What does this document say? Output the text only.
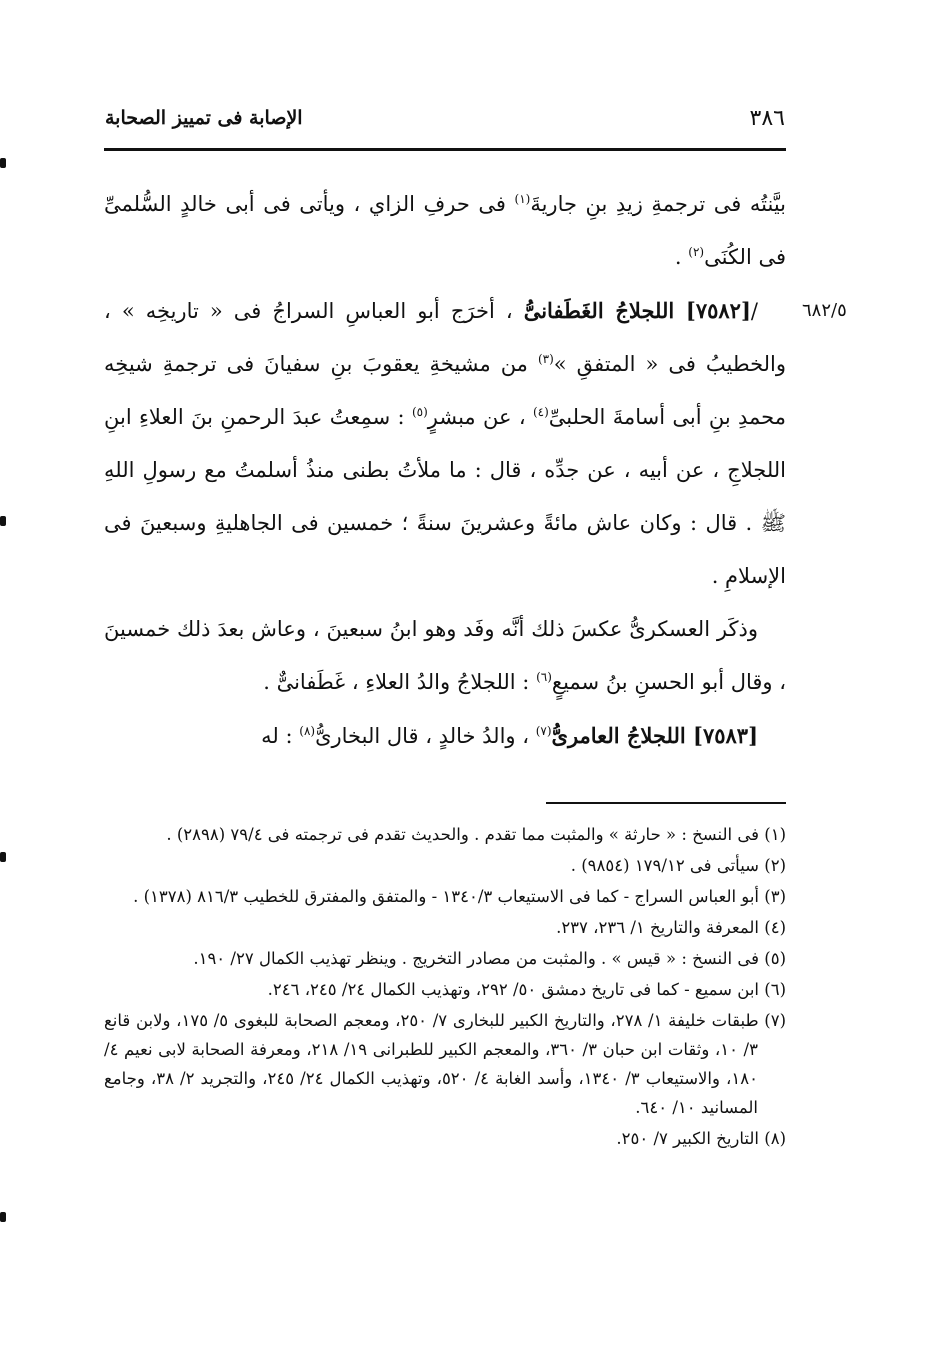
٣٨٦
الإصابة فى تمييز الصحابة
٦٨٢/٥

بيَّنتُه فى ترجمةِ زيدِ بنِ جاريةَ$^{(١)}$ فى حرفِ الزاي ، ويأتى فى أبى خالدٍ السُّلمىِّ فى الكُنَى$^{(٢)}$ .

/[٧٥٨٢] اللجلاجُ الغَطَفانىُّ ، أخرَج أبو العباسِ السراجُ فى « تاريخِه » ، والخطيبُ فى « المتفقِ »$^{(٣)}$ من مشيخةِ يعقوبَ بنِ سفيانَ فى ترجمةِ شيخِه محمدِ بنِ أبى أسامةَ الحلبىِّ$^{(٤)}$ ، عن مبشرٍ$^{(٥)}$ : سمِعتُ عبدَ الرحمنِ بنَ العلاءِ ابنِ اللجلاجِ ، عن أبيه ، عن جدِّه ، قال : ما ملأتُ بطنى منذُ أسلمتُ مع رسولِ اللهِ ﷺ . قال : وكان عاش مائةً وعشرينَ سنةً ؛ خمسين فى الجاهليةِ وسبعينَ فى الإسلامِ .

وذكَر العسكرىُّ عكسَ ذلك أنَّه وفَد وهو ابنُ سبعينَ ، وعاش بعدَ ذلك خمسينَ ، وقال أبو الحسنِ بنُ سميعٍ$^{(٦)}$ : اللجلاجُ والدُ العلاءِ ، غَطَفانىٌّ .

[٧٥٨٣] اللجلاجُ العامرىُّ$^{(٧)}$ ، والدُ خالدٍ ، قال البخارىُّ$^{(٨)}$ : له

(١) فى النسخ : « حارثة » والمثبت مما تقدم . والحديث تقدم فى ترجمته فى ٧٩/٤ (٢٨٩٨) .

(٢) سيأتى فى ١٧٩/١٢ (٩٨٥٤) .

(٣) أبو العباس السراج - كما فى الاستيعاب ١٣٤٠/٣ - والمتفق والمفترق للخطيب ٨١٦/٣ (١٣٧٨) .

(٤) المعرفة والتاريخ ١/ ٢٣٦، ٢٣٧.

(٥) فى النسخ : « قيس » . والمثبت من مصادر التخريج . وينظر تهذيب الكمال ٢٧/ ١٩٠.

(٦) ابن سميع - كما فى تاريخ دمشق ٥٠/ ٢٩٢، وتهذيب الكمال ٢٤/ ٢٤٥، ٢٤٦.

(٧) طبقات خليفة ١/ ٢٧٨، والتاريخ الكبير للبخارى ٧/ ٢٥٠، ومعجم الصحابة للبغوى ٥/ ١٧٥، ولابن قانع ٣/ ١٠، وثقات ابن حبان ٣/ ٣٦٠، والمعجم الكبير للطبرانى ١٩/ ٢١٨، ومعرفة الصحابة لابى نعيم ٤/ ١٨٠، والاستيعاب ٣/ ١٣٤٠، وأسد الغابة ٤/ ٥٢٠، وتهذيب الكمال ٢٤/ ٢٤٥، والتجريد ٢/ ٣٨، وجامع المسانيد ١٠/ ٦٤٠.

(٨) التاريخ الكبير ٧/ ٢٥٠.
